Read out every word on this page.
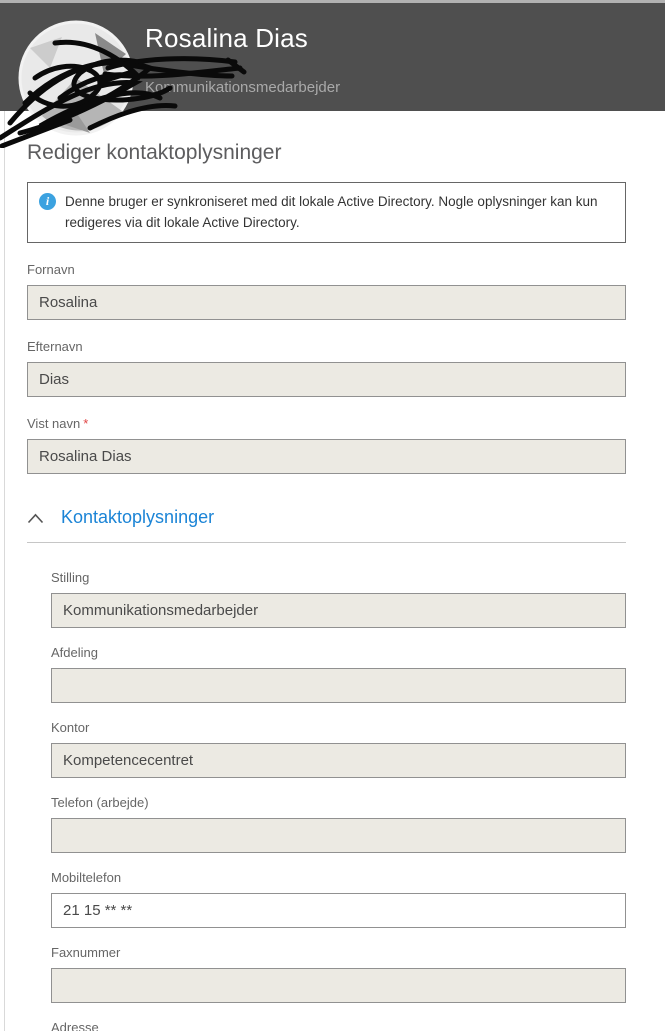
Rosalina Dias
Kommunikationsmedarbejder
Rediger kontaktoplysninger
i	Denne bruger er synkroniseret med dit lokale Active Directory. Nogle oplysninger kan kun redigeres via dit lokale Active Directory.
Fornavn
Rosalina
Efternavn
Dias
Vist navn *
Rosalina Dias
Kontaktoplysninger
Stilling
Kommunikationsmedarbejder
Afdeling
Kontor
Kompetencecentret
Telefon (arbejde)
Mobiltelefon
21 15 ** **
Faxnummer
Adresse
